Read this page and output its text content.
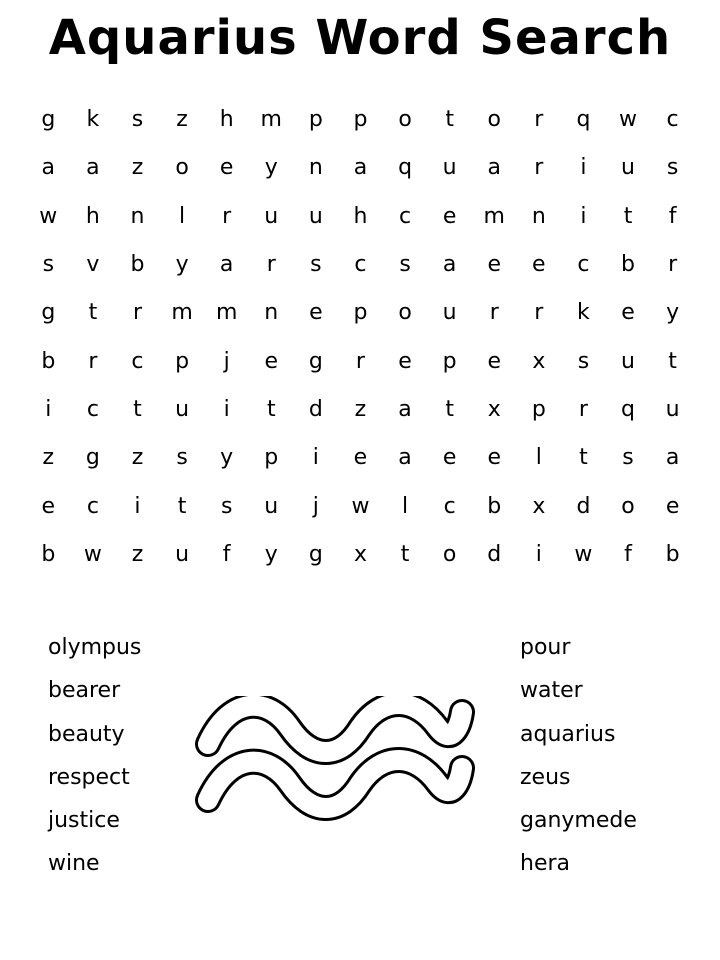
Aquarius Word Search
g	k	s	z	h	m	p	p	o	t	o	r	q	w	c
a	a	z	o	e	y	n	a	q	u	a	r	i	u	s
w	h	n	l	r	u	u	h	c	e	m	n	i	t	f
s	v	b	y	a	r	s	c	s	a	e	e	c	b	r
g	t	r	m	m	n	e	p	o	u	r	r	k	e	y
b	r	c	p	j	e	g	r	e	p	e	x	s	u	t
i	c	t	u	i	t	d	z	a	t	x	p	r	q	u
z	g	z	s	y	p	i	e	a	e	e	l	t	s	a
e	c	i	t	s	u	j	w	l	c	b	x	d	o	e
b	w	z	u	f	y	g	x	t	o	d	i	w	f	b
olympus
bearer
beauty
respect
justice
wine
pour
water
aquarius
zeus
ganymede
hera
